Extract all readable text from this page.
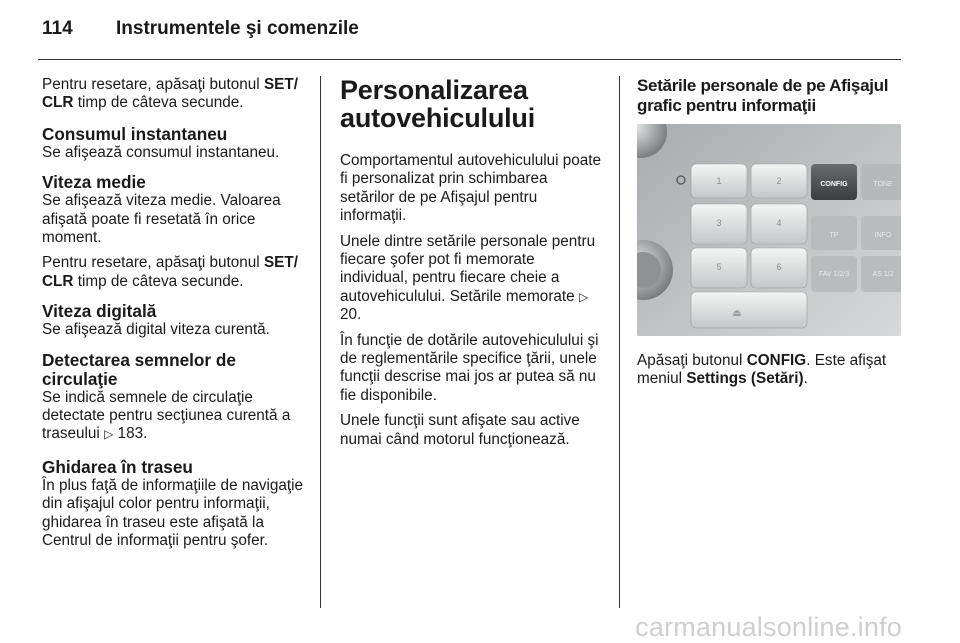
114 Instrumentele şi comenzile

Pentru resetare, apăsaţi butonul SET/
CLR timp de câteva secunde.

Consumul instantaneu

Se afişează consumul instantaneu.

Viteza medie

Se afişează viteza medie. Valoarea afişată poate fi resetată în orice moment.

Pentru resetare, apăsaţi butonul SET/
CLR timp de câteva secunde.

Viteza digitală

Se afişează digital viteza curentă.

Detectarea semnelor de
circulaţie

Se indică semnele de circulaţie detectate pentru secţiunea curentă a traseului ▷ 183.

Ghidarea în traseu

În plus faţă de informaţiile de navigaţie din afişajul color pentru informaţii, ghidarea în traseu este afişată la Centrul de informaţii pentru şofer.

Personalizarea
autovehiculului

Comportamentul autovehiculului poate fi personalizat prin schimbarea setărilor de pe Afişajul pentru informaţii.

Unele dintre setările personale pentru fiecare şofer pot fi memorate individual, pentru fiecare cheie a autovehiculului. Setările memorate ▷ 20.

În funcţie de dotările autovehiculului şi de reglementările specifice ţării, unele funcţii descrise mai jos ar putea să nu fie disponibile.

Unele funcţii sunt afişate sau active numai când motorul funcţionează.

Setările personale de pe Afişajul grafic pentru informaţii
1	2
3	4
5	6
⏏
CONFIG	TONE
TP	INFO
FAV 1/2/3	AS 1/2

Apăsaţi butonul CONFIG. Este afişat meniul Settings (Setări).

carmanualsonline.info
